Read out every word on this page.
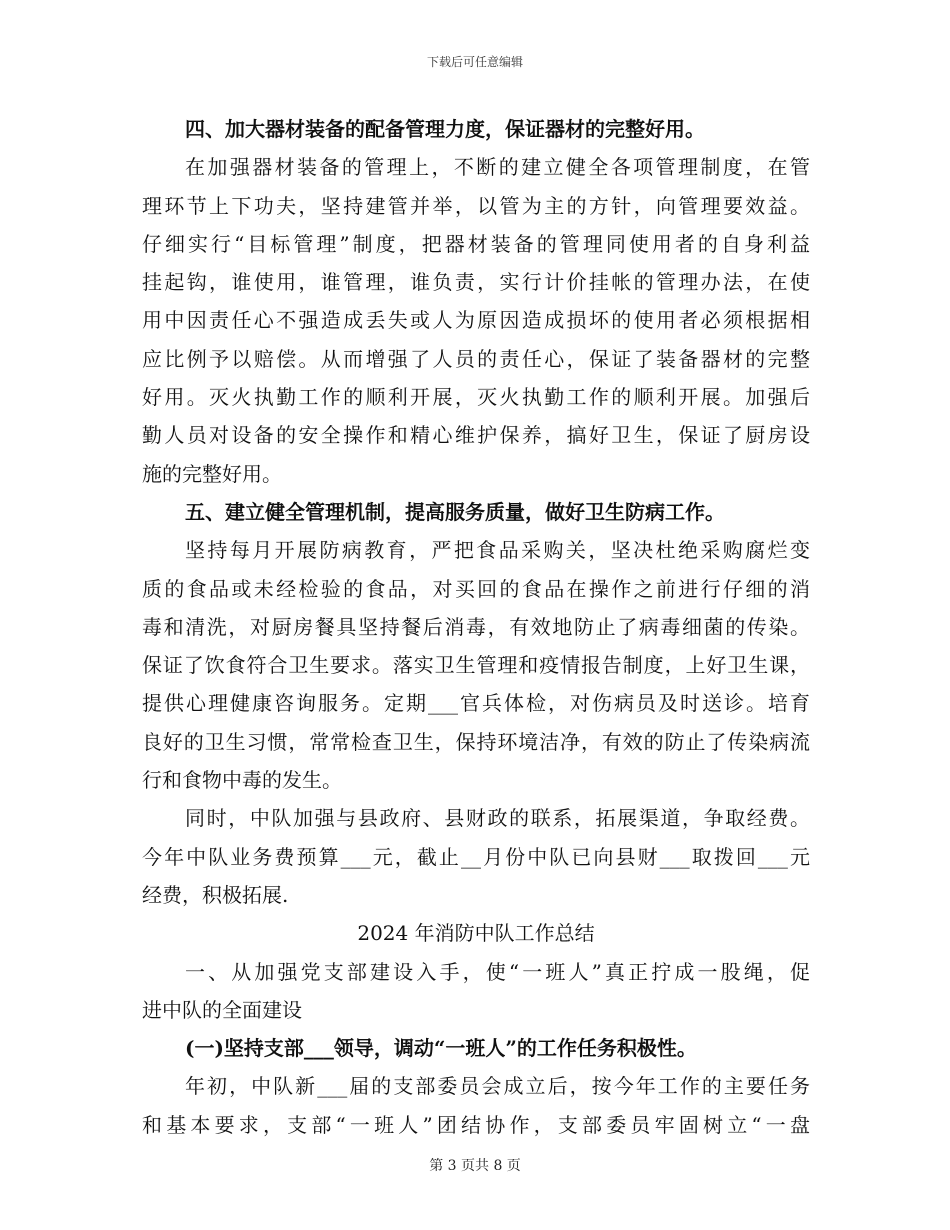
下载后可任意编辑
四、加大器材装备的配备管理力度，保证器材的完整好用。
在加强器材装备的管理上，不断的建立健全各项管理制度，在管
理环节上下功夫，坚持建管并举，以管为主的方针，向管理要效益。
仔细实行“目标管理”制度，把器材装备的管理同使用者的自身利益
挂起钩，谁使用，谁管理，谁负责，实行计价挂帐的管理办法，在使
用中因责任心不强造成丢失或人为原因造成损坏的使用者必须根据相
应比例予以赔偿。从而增强了人员的责任心，保证了装备器材的完整
好用。灭火执勤工作的顺利开展，灭火执勤工作的顺利开展。加强后
勤人员对设备的安全操作和精心维护保养，搞好卫生，保证了厨房设
施的完整好用。
五、建立健全管理机制，提高服务质量，做好卫生防病工作。
坚持每月开展防病教育，严把食品采购关，坚决杜绝采购腐烂变
质的食品或未经检验的食品，对买回的食品在操作之前进行仔细的消
毒和清洗，对厨房餐具坚持餐后消毒，有效地防止了病毒细菌的传染。
保证了饮食符合卫生要求。落实卫生管理和疫情报告制度，上好卫生课，
提供心理健康咨询服务。定期___官兵体检，对伤病员及时送诊。培育
良好的卫生习惯，常常检查卫生，保持环境洁净，有效的防止了传染病流
行和食物中毒的发生。
同时，中队加强与县政府、县财政的联系，拓展渠道，争取经费。
今年中队业务费预算___元，截止__月份中队已向县财___取拨回___元
经费，积极拓展.
2024 年消防中队工作总结
一、从加强党支部建设入手，使“一班人”真正拧成一股绳，促
进中队的全面建设
(一)坚持支部___领导，调动“一班人”的工作任务积极性。
年初，中队新___届的支部委员会成立后，按今年工作的主要任务
和基本要求，支部“一班人”团结协作，支部委员牢固树立“一盘
第 3 页共 8 页
